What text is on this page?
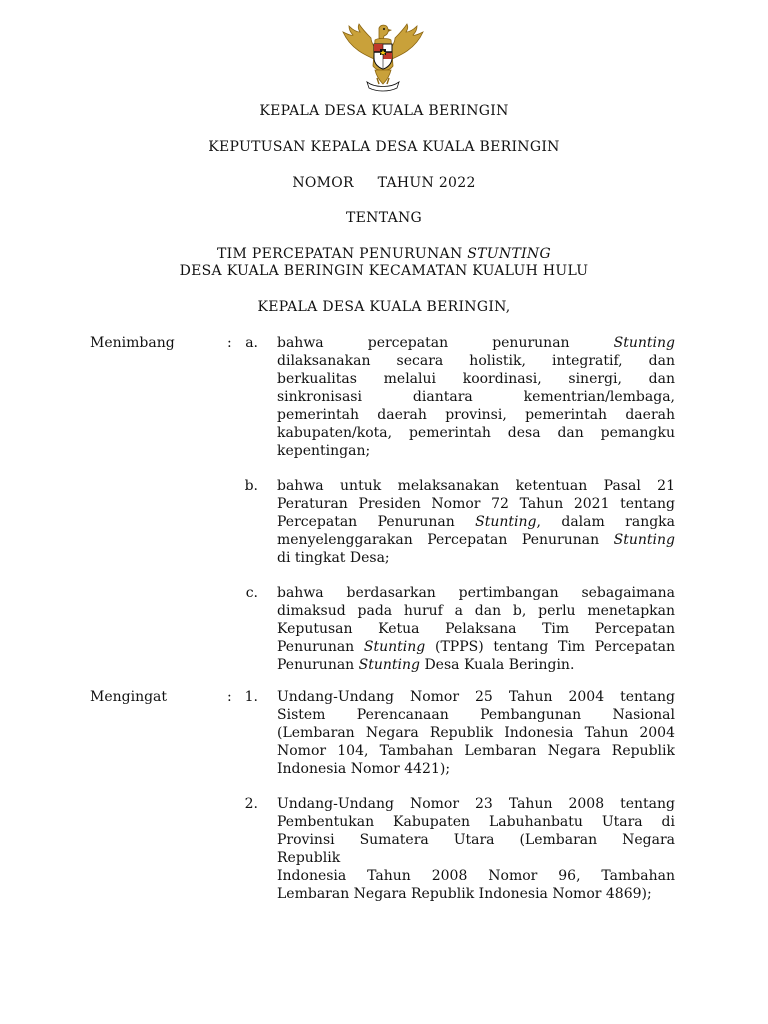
KEPALA DESA KUALA BERINGIN
KEPUTUSAN KEPALA DESA KUALA BERINGIN
NOMOR     TAHUN 2022
TENTANG
TIM PERCEPATAN PENURUNAN STUNTING
DESA KUALA BERINGIN KECAMATAN KUALUH HULU
KEPALA DESA KUALA BERINGIN,
Menimbang	: a. bahwa percepatan penurunan Stunting
dilaksanakan secara holistik, integratif, dan
berkualitas melalui koordinasi, sinergi, dan
sinkronisasi diantara kementrian/lembaga,
pemerintah daerah provinsi, pemerintah daerah
kabupaten/kota, pemerintah desa dan pemangku
kepentingan;
b. bahwa untuk melaksanakan ketentuan Pasal 21
Peraturan Presiden Nomor 72 Tahun 2021 tentang
Percepatan Penurunan Stunting, dalam rangka
menyelenggarakan Percepatan Penurunan Stunting
di tingkat Desa;
c. bahwa berdasarkan pertimbangan sebagaimana
dimaksud pada huruf a dan b, perlu menetapkan
Keputusan Ketua Pelaksana Tim Percepatan
Penurunan Stunting (TPPS) tentang Tim Percepatan
Penurunan Stunting Desa Kuala Beringin.
Mengingat	: 1. Undang-Undang Nomor 25 Tahun 2004 tentang
Sistem Perencanaan Pembangunan Nasional
(Lembaran Negara Republik Indonesia Tahun 2004
Nomor 104, Tambahan Lembaran Negara Republik
Indonesia Nomor 4421);
2. Undang-Undang Nomor 23 Tahun 2008 tentang
Pembentukan Kabupaten Labuhanbatu Utara di
Provinsi Sumatera Utara (Lembaran Negara
Republik
Indonesia Tahun 2008 Nomor 96, Tambahan
Lembaran Negara Republik Indonesia Nomor 4869);
